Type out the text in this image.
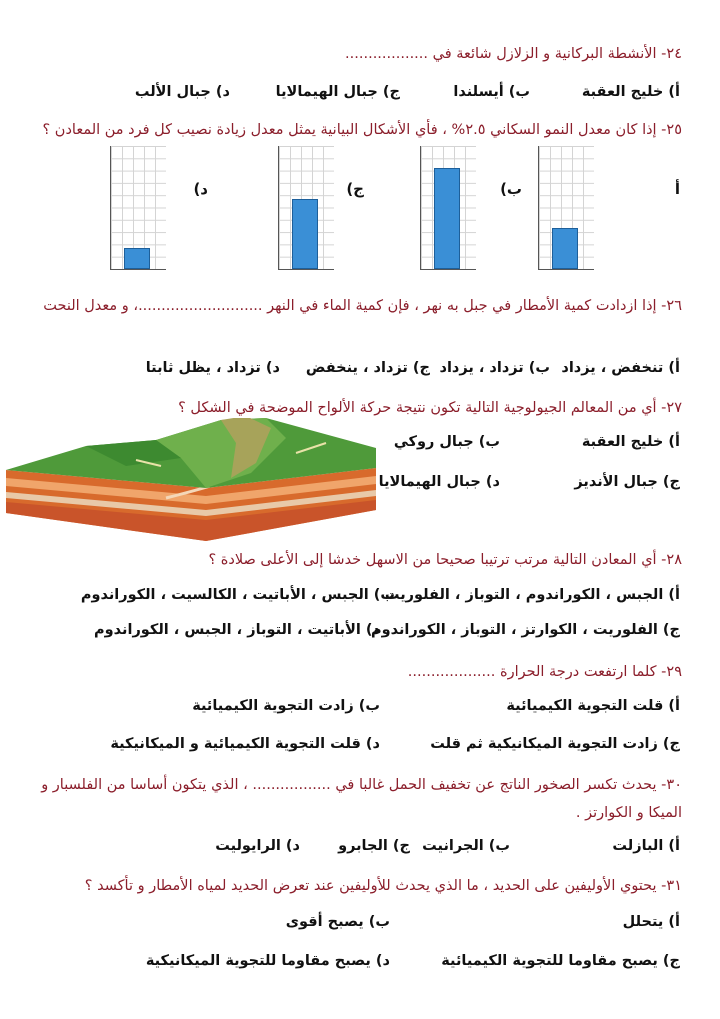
٢٤- الأنشطة البركانية و الزلازل شائعة في ..................
أ) خليج العقبة
ب) أيسلندا
ج) جبال الهيمالايا
د) جبال الألب
٢٥- إذا كان معدل النمو السكاني ٢.٥% ، فأي الأشكال البيانية يمثل معدل زيادة نصيب كل فرد من المعادن ؟
أ
ب)
ج)
د)
٢٦- إذا ازدادت كمية الأمطار في جبل به نهر ، فإن كمية الماء في النهر ...........................، و معدل النحت
أ) تنخفض ، يزداد
ب) تزداد ، يزداد
ج) تزداد ، ينخفض
د) تزداد ، يظل ثابتا
٢٧- أي من المعالم الجيولوجية التالية تكون نتيجة حركة الألواح الموضحة في الشكل ؟
أ) خليج العقبة
ب) جبال روكي
ج) جبال الأنديز
د) جبال الهيمالايا
٢٨- أي المعادن التالية مرتب ترتيبا صحيحا من الاسهل خدشا إلى الأعلى صلادة ؟
أ) الجبس ، الكوراندوم ، التوباز ، الفلوريت
ب) الجبس ، الأباتيت ، الكالسيت ، الكوراندوم
ج) الفلوريت ، الكوارتز ، التوباز ، الكوراندوم
د) الأباتيت ، التوباز ، الجبس ، الكوراندوم
٢٩- كلما ارتفعت درجة الحرارة ...................
أ) قلت التجوية الكيميائية
ب) زادت التجوية الكيميائية
ج) زادت التجوية الميكانيكية ثم قلت
د) قلت التجوية الكيميائية و الميكانيكية
٣٠- يحدث تكسر الصخور الناتج عن تخفيف الحمل غالبا في ................. ، الذي يتكون أساسا من الفلسبار و الميكا و الكوارتز .
أ) البازلت
ب) الجرانيت
ج) الجابرو
د) الرايوليت
٣١- يحتوي الأوليفين على الحديد ، ما الذي يحدث للأوليفين عند تعرض الحديد لمياه الأمطار و تأكسد ؟
أ) يتحلل
ب) يصبح أقوى
ج) يصبح مقاوما للتجوية الكيميائية
د) يصبح مقاوما للتجوية الميكانيكية
